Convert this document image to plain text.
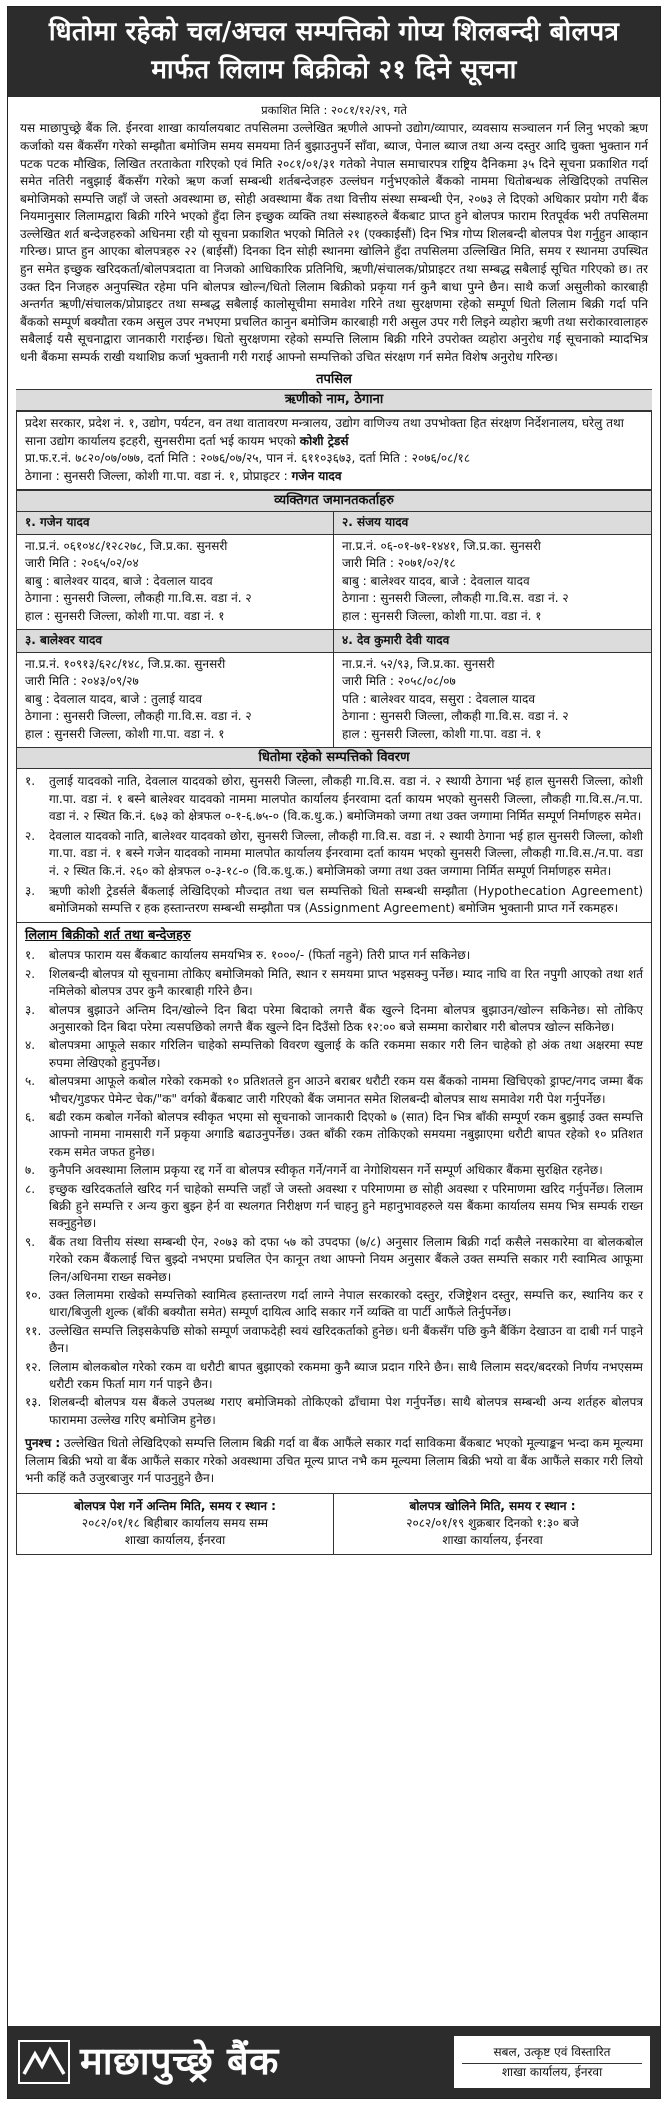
धितोमा रहेको चल/अचल सम्पत्तिको गोप्य शिलबन्दी बोलपत्र
मार्फत लिलाम बिक्रीको २१ दिने सूचना
प्रकाशित मिति : २०८१/१२/२९, गते

यस माछापुच्छ्रे बैंक लि. ईनरवा शाखा कार्यालयबाट तपसिलमा उल्लेखित ऋणीले आफ्नो उद्योग/व्यापार, व्यवसाय सञ्चालन गर्न लिनु भएको ऋण कर्जाको यस बैंकसँग गरेको सम्झौता बमोजिम समय समयमा तिर्न बुझाउनुपर्ने साँवा, ब्याज, पेनाल ब्याज तथा अन्य दस्तुर आदि चुक्ता भुक्तान गर्न पटक पटक मौखिक, लिखित तरताकेता गरिएको एवं मिति २०८१/०१/३१ गतेको नेपाल समाचारपत्र राष्ट्रिय दैनिकमा ३५ दिने सूचना प्रकाशित गर्दा समेत नतिरी नबुझाई बैंकसँग गरेको ऋण कर्जा सम्बन्धी शर्तबन्देजहरु उल्लंघन गर्नुभएकोले बैंकको नाममा धितोबन्धक लेखिदिएको तपसिल बमोजिमको सम्पत्ति जहाँ जे जस्तो अवस्थामा छ, सोही अवस्थामा बैंक तथा वित्तीय संस्था सम्बन्धी ऐन, २०७३ ले दिएको अधिकार प्रयोग गरी बैंक नियमानुसार लिलामद्वारा बिक्री गरिने भएको हुँदा लिन इच्छुक व्यक्ति तथा संस्थाहरुले बैंकबाट प्राप्त हुने बोलपत्र फाराम रितपूर्वक भरी तपसिलमा उल्लेखित शर्त बन्देजहरुको अधिनमा रही यो सूचना प्रकाशित भएको मितिले २१ (एक्काईसौं) दिन भित्र गोप्य शिलबन्दी बोलपत्र पेश गर्नुहुन आव्हान गरिन्छ। प्राप्त हुन आएका बोलपत्रहरु २२ (बाईसौं) दिनका दिन सोही स्थानमा खोलिने हुँदा तपसिलमा उल्लिखित मिति, समय र स्थानमा उपस्थित हुन समेत इच्छुक खरिदकर्ता/बोलपत्रदाता वा निजको आधिकारिक प्रतिनिधि, ऋणी/संचालक/प्रोप्राइटर तथा सम्बद्ध सबैलाई सूचित गरिएको छ। तर उक्त दिन निजहरु अनुपस्थित रहेमा पनि बोलपत्र खोल्न/धितो लिलाम बिक्रीको प्रकृया गर्न कुनै बाधा पुग्ने छैन। साथै कर्जा असुलीको कारबाही अन्तर्गत ऋणी/संचालक/प्रोप्राइटर तथा सम्बद्ध सबैलाई कालोसूचीमा समावेश गरिने तथा सुरक्षणमा रहेको सम्पूर्ण धितो लिलाम बिक्री गर्दा पनि बैंकको सम्पूर्ण बक्यौता रकम असुल उपर नभएमा प्रचलित कानुन बमोजिम कारबाही गरी असुल उपर गरी लिइने व्यहोरा ऋणी तथा सरोकारवालाहरु सबैलाई यसै सूचनाद्वारा जानकारी गराईन्छ। धितो सुरक्षणमा रहेको सम्पत्ति लिलाम बिक्री गरिने उपरोक्त व्यहोरा अनुरोध गई सूचनाको म्यादभित्र धनी बैंकमा सम्पर्क राखी यथाशिघ्र कर्जा भुक्तानी गरी गराई आफ्नो सम्पत्तिको उचित संरक्षण गर्न समेत विशेष अनुरोध गरिन्छ।

तपसिल
ऋणीको नाम, ठेगाना
प्रदेश सरकार, प्रदेश नं. १, उद्योग, पर्यटन, वन तथा वातावरण मन्त्रालय, उद्योग वाणिज्य तथा उपभोक्ता हित संरक्षण निर्देशनालय, घरेलु तथा साना उद्योग कार्यालय इटहरी, सुनसरीमा दर्ता भई कायम भएको कोशी ट्रेडर्स
प्रा.फ.र.नं. ७८२०/०७/०७७, दर्ता मिति : २०७६/०७/२५, पान नं. ६११०३६७३, दर्ता मिति : २०७६/०८/१८
ठेगाना : सुनसरी जिल्ला, कोशी गा.पा. वडा नं. १, प्रोप्राइटर : गजेन यादव
व्यक्तिगत जमानतकर्ताहरु
१. गजेन यादव
ना.प्र.नं. ०६१०४८/१२८२७८, जि.प्र.का. सुनसरी
जारी मिति : २०६५/०२/०४
बाबु : बालेश्वर यादव, बाजे : देवलाल यादव
ठेगाना : सुनसरी जिल्ला, लौकही गा.वि.स. वडा नं. २
हाल : सुनसरी जिल्ला, कोशी गा.पा. वडा नं. १
२. संजय यादव
ना.प्र.नं. ०६-०१-७१-१४४१, जि.प्र.का. सुनसरी
जारी मिति : २०७१/०२/१८
बाबु : बालेश्वर यादव, बाजे : देवलाल यादव
ठेगाना : सुनसरी जिल्ला, लौकही गा.वि.स. वडा नं. २
हाल : सुनसरी जिल्ला, कोशी गा.पा. वडा नं. १
३. बालेश्वर यादव
ना.प्र.नं. १०९१३/६२८/१४८, जि.प्र.का. सुनसरी
जारी मिति : २०४३/०९/२७
बाबु : देवलाल यादव, बाजे : तुलाई यादव
ठेगाना : सुनसरी जिल्ला, लौकही गा.वि.स. वडा नं. २
हाल : सुनसरी जिल्ला, कोशी गा.पा. वडा नं. १
४. देव कुमारी देवी यादव
ना.प्र.नं. ५२/९३, जि.प्र.का. सुनसरी
जारी मिति : २०५८/०८/०७
पति : बालेश्वर यादव, ससुरा : देवलाल यादव
ठेगाना : सुनसरी जिल्ला, लौकही गा.वि.स. वडा नं. २
हाल : सुनसरी जिल्ला, कोशी गा.पा. वडा नं. १
धितोमा रहेको सम्पत्तिको विवरण
१.	तुलाई यादवको नाति, देवलाल यादवको छोरा, सुनसरी जिल्ला, लौकही गा.वि.स. वडा नं. २ स्थायी ठेगाना भई हाल सुनसरी जिल्ला, कोशी गा.पा. वडा नं. १ बस्ने बालेश्वर यादवको नाममा मालपोत कार्यालय ईनरवामा दर्ता कायम भएको सुनसरी जिल्ला, लौकही गा.वि.स./न.पा. वडा नं. २ स्थित कि.नं. ६७३ को क्षेत्रफल ०-१-६.७५-० (वि.क.धु.क.) बमोजिमको जग्गा तथा उक्त जग्गामा निर्मित सम्पूर्ण निर्माणहरु समेत।
२.	देवलाल यादवको नाति, बालेश्वर यादवको छोरा, सुनसरी जिल्ला, लौकही गा.वि.स. वडा नं. २ स्थायी ठेगाना भई हाल सुनसरी जिल्ला, कोशी गा.पा. वडा नं. १ बस्ने गजेन यादवको नाममा मालपोत कार्यालय ईनरवामा दर्ता कायम भएको सुनसरी जिल्ला, लौकही गा.वि.स./न.पा. वडा नं. २ स्थित कि.नं. २६० को क्षेत्रफल ०-३-१८-० (वि.क.धु.क.) बमोजिमको जग्गा तथा उक्त जग्गामा निर्मित सम्पूर्ण निर्माणहरु समेत।
३.	ऋणी कोशी ट्रेडर्सले बैंकलाई लेखिदिएको मौज्दात तथा चल सम्पत्तिको धितो सम्बन्धी सम्झौता (Hypothecation Agreement) बमोजिमको सम्पत्ति र हक हस्तान्तरण सम्बन्धी सम्झौता पत्र (Assignment Agreement) बमोजिम भुक्तानी प्राप्त गर्ने रकमहरु।
लिलाम बिक्रीको शर्त तथा बन्देजहरु
१.	बोलपत्र फाराम यस बैंकबाट कार्यालय समयभित्र रु. १०००/- (फिर्ता नहुने) तिरी प्राप्त गर्न सकिनेछ।
२.	शिलबन्दी बोलपत्र यो सूचनामा तोकिए बमोजिमको मिति, स्थान र समयमा प्राप्त भइसक्नु पर्नेछ। म्याद नाघि वा रित नपुगी आएको तथा शर्त नमिलेको बोलपत्र उपर कुनै कारबाही गरिने छैन।
३.	बोलपत्र बुझाउने अन्तिम दिन/खोल्ने दिन बिदा परेमा बिदाको लगत्तै बैंक खुल्ने दिनमा बोलपत्र बुझाउन/खोल्न सकिनेछ। सो तोकिए अनुसारको दिन बिदा परेमा त्यसपछिको लगत्तै बैंक खुल्ने दिन दिउँसो ठिक १२:०० बजे सम्ममा कारोबार गरी बोलपत्र खोल्न सकिनेछ।
४.	बोलपत्रमा आफूले सकार गरिलिन चाहेको सम्पत्तिको विवरण खुलाई के कति रकममा सकार गरी लिन चाहेको हो अंक तथा अक्षरमा स्पष्ट रुपमा लेखिएको हुनुपर्नेछ।
५.	बोलपत्रमा आफूले कबोल गरेको रकमको १० प्रतिशतले हुन आउने बराबर धरौटी रकम यस बैंकको नाममा खिचिएको ड्राफ्ट/नगद जम्मा बैंक भौचर/गुडफर पेमेन्ट चेक/"क" वर्गको बैंकबाट जारी गरिएको बैंक जमानत समेत शिलबन्दी बोलपत्र साथ समावेश गरी पेश गर्नुपर्नेछ।
६.	बढी रकम कबोल गर्नेको बोलपत्र स्वीकृत भएमा सो सूचनाको जानकारी दिएको ७ (सात) दिन भित्र बाँकी सम्पूर्ण रकम बुझाई उक्त सम्पत्ति आफ्नो नाममा नामसारी गर्ने प्रकृया अगाडि बढाउनुपर्नेछ। उक्त बाँकी रकम तोकिएको समयमा नबुझाएमा धरौटी बापत रहेको १० प्रतिशत रकम समेत जफत हुनेछ।
७.	कुनैपनि अवस्थामा लिलाम प्रकृया रद्द गर्ने वा बोलपत्र स्वीकृत गर्ने/नगर्ने वा नेगोशियसन गर्ने सम्पूर्ण अधिकार बैंकमा सुरक्षित रहनेछ।
८.	इच्छुक खरिदकर्ताले खरिद गर्न चाहेको सम्पत्ति जहाँ जे जस्तो अवस्था र परिमाणमा छ सोही अवस्था र परिमाणमा खरिद गर्नुपर्नेछ। लिलाम बिक्री हुने सम्पत्ति र अन्य कुरा बुझ्न हेर्न वा स्थलगत निरीक्षण गर्न चाहनु हुने महानुभावहरुले यस बैंकमा कार्यालय समय भित्र सम्पर्क राख्न सक्नुहुनेछ।
९.	बैंक तथा वित्तीय संस्था सम्बन्धी ऐन, २०७३ को दफा ५७ को उपदफा (७/८) अनुसार लिलाम बिक्री गर्दा कसैले नसकारेमा वा बोलकबोल गरेको रकम बैंकलाई चित्त बुझ्दो नभएमा प्रचलित ऐन कानून तथा आफ्नो नियम अनुसार बैंकले उक्त सम्पत्ति सकार गरी स्वामित्व आफूमा लिन/अधिनमा राख्न सक्नेछ।
१०. उक्त लिलाममा राखेको सम्पत्तिको स्वामित्व हस्तान्तरण गर्दा लाग्ने नेपाल सरकारको दस्तुर, रजिष्ट्रेशन दस्तुर, सम्पत्ति कर, स्थानिय कर र धारा/बिजुली शुल्क (बाँकी बक्यौता समेत) सम्पूर्ण दायित्व आदि सकार गर्ने व्यक्ति वा पार्टी आफैंले तिर्नुपर्नेछ।
११. उल्लेखित सम्पत्ति लिइसकेपछि सोको सम्पूर्ण जवाफदेही स्वयं खरिदकर्ताको हुनेछ। धनी बैंकसँग पछि कुनै बैंकिंग देखाउन वा दाबी गर्न पाइने छैन।
१२. लिलाम बोलकबोल गरेको रकम वा धरौटी बापत बुझाएको रकममा कुनै ब्याज प्रदान गरिने छैन। साथै लिलाम सदर/बदरको निर्णय नभएसम्म धरौटी रकम फिर्ता माग गर्न पाइने छैन।
१३. शिलबन्दी बोलपत्र यस बैंकले उपलब्ध गराए बमोजिमको तोकिएको ढाँचामा पेश गर्नुपर्नेछ। साथै बोलपत्र सम्बन्धी अन्य शर्तहरु बोलपत्र फाराममा उल्लेख गरिए बमोजिम हुनेछ।
पुनश्च : उल्लेखित धितो लेखिदिएको सम्पत्ति लिलाम बिक्री गर्दा वा बैंक आफैंले सकार गर्दा साविकमा बैंकबाट भएको मूल्याङ्कन भन्दा कम मूल्यमा लिलाम बिक्री भयो वा बैंक आफैंले सकार गरेको अवस्थामा उचित मूल्य प्राप्त नभै कम मूल्यमा लिलाम बिक्री भयो वा बैंक आफैंले सकार गरी लियो भनी कहिं कतै उजुरबाजुर गर्न पाउनुहुने छैन।
बोलपत्र पेश गर्ने अन्तिम मिति, समय र स्थान :
२०८२/०१/१८ बिहीबार कार्यालय समय सम्म
शाखा कार्यालय, ईनरवा
बोलपत्र खोलिने मिति, समय र स्थान :
२०८२/०१/१९ शुक्रबार दिनको १:३० बजे
शाखा कार्यालय, ईनरवा
माछापुच्छ्रे बैंक	सबल, उत्कृष्ट एवं विस्तारित
शाखा कार्यालय, ईनरवा
